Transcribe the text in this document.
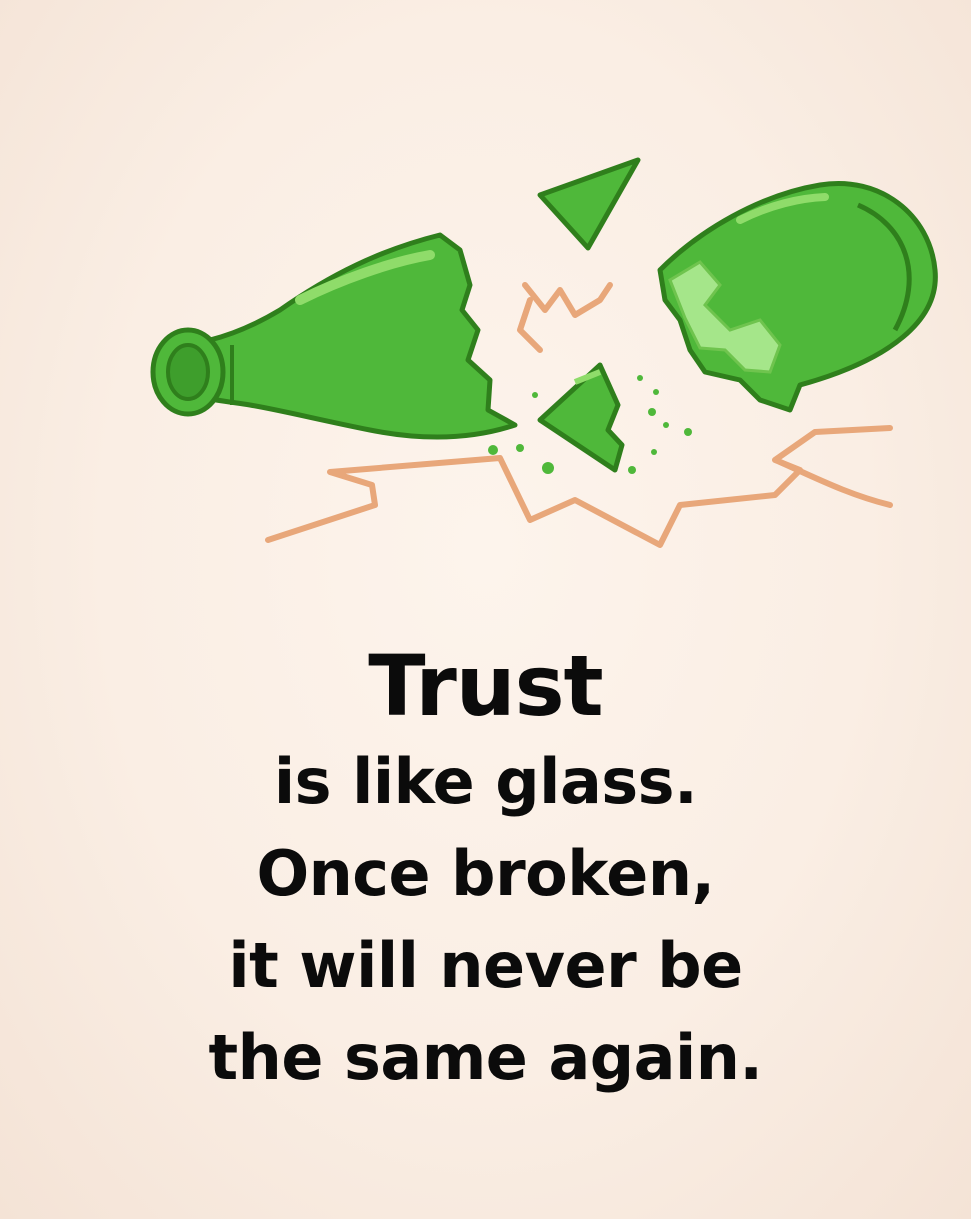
Trust
is like glass.
Once broken,
it will never be
the same again.
